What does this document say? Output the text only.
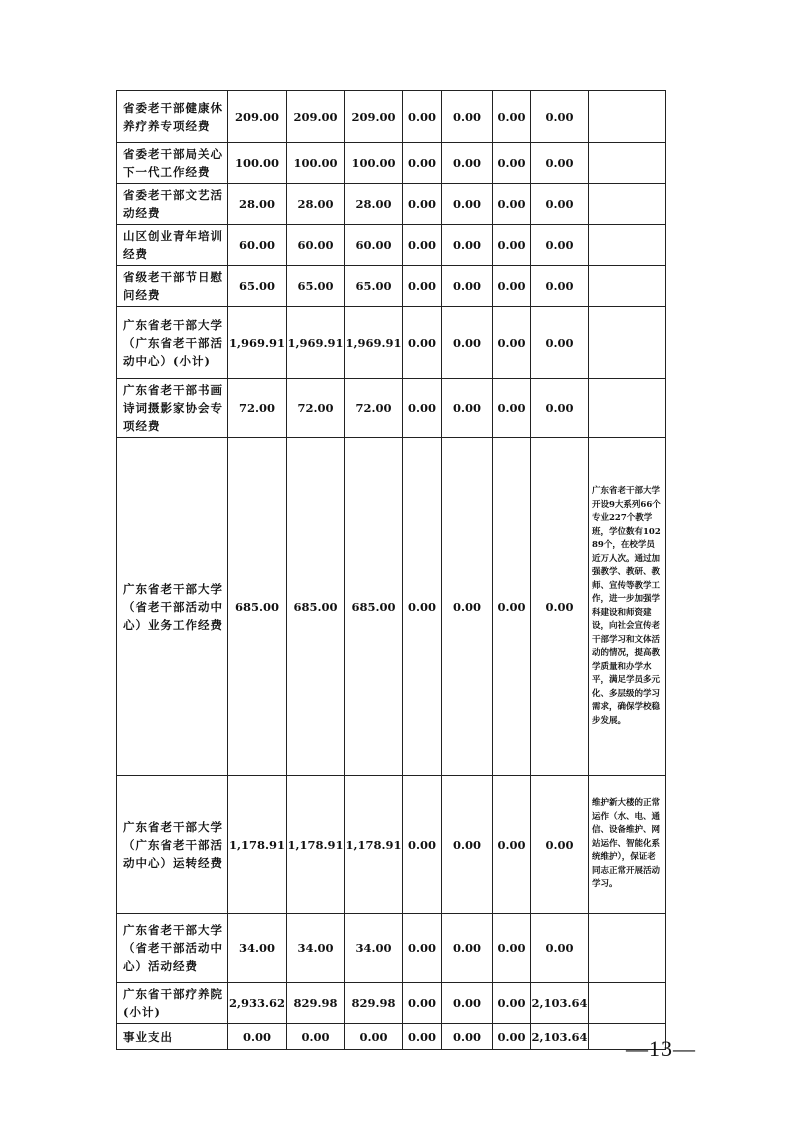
省委老干部健康休养疗养专项经费	209.00	209.00	209.00	0.00	0.00	0.00	0.00	
省委老干部局关心下一代工作经费	100.00	100.00	100.00	0.00	0.00	0.00	0.00	
省委老干部文艺活动经费	28.00	28.00	28.00	0.00	0.00	0.00	0.00	
山区创业青年培训经费	60.00	60.00	60.00	0.00	0.00	0.00	0.00	
省级老干部节日慰问经费	65.00	65.00	65.00	0.00	0.00	0.00	0.00	
广东省老干部大学（广东省老干部活动中心）(小计)	1,969.91	1,969.91	1,969.91	0.00	0.00	0.00	0.00	
广东省老干部书画诗词摄影家协会专项经费	72.00	72.00	72.00	0.00	0.00	0.00	0.00	
广东省老干部大学（省老干部活动中心）业务工作经费	685.00	685.00	685.00	0.00	0.00	0.00	0.00	广东省老干部大学开设9大系列66个专业227个教学班，学位数有10289个，在校学员近万人次。通过加强教学、教研、教师、宣传等教学工作，进一步加强学科建设和师资建设，向社会宣传老干部学习和文体活动的情况，提高教学质量和办学水平，满足学员多元化、多层级的学习需求，确保学校稳步发展。
广东省老干部大学（广东省老干部活动中心）运转经费	1,178.91	1,178.91	1,178.91	0.00	0.00	0.00	0.00	维护新大楼的正常运作（水、电、通信、设备维护、网站运作、智能化系统维护），保证老同志正常开展活动学习。
广东省老干部大学（省老干部活动中心）活动经费	34.00	34.00	34.00	0.00	0.00	0.00	0.00	
广东省干部疗养院(小计)	2,933.62	829.98	829.98	0.00	0.00	0.00	2,103.64	
事业支出	0.00	0.00	0.00	0.00	0.00	0.00	2,103.64	—13—
